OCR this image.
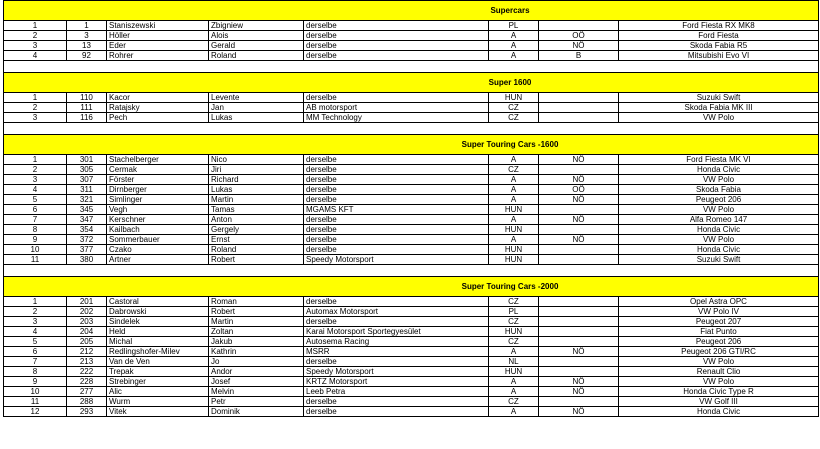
Supercars							
1	1	Staniszewski	Zbigniew	derselbe	PL		Ford Fiesta RX MK8
2	3	Höller	Alois	derselbe	A	OÖ	Ford Fiesta
3	13	Eder	Gerald	derselbe	A	NÖ	Skoda Fabia R5
4	92	Rohrer	Roland	derselbe	A	B	Mitsubishi Evo VI

Super 1600							
1	110	Kacor	Levente	derselbe	HUN		Suzuki Swift
2	111	Ratajsky	Jan	AB motorsport	CZ		Skoda Fabia MK III
3	116	Pech	Lukas	MM Technology	CZ		VW Polo

Super Touring Cars -1600							
1	301	Stachelberger	Nico	derselbe	A	NÖ	Ford Fiesta MK VI
2	305	Cermak	Jiri	derselbe	CZ		Honda Civic
3	307	Förster	Richard	derselbe	A	NÖ	VW Polo
4	311	Dirnberger	Lukas	derselbe	A	OÖ	Skoda Fabia
5	321	Simlinger	Martin	derselbe	A	NÖ	Peugeot 206
6	345	Vegh	Tamas	MGAMS KFT	HUN		VW Polo
7	347	Kerschner	Anton	derselbe	A	NÖ	Alfa Romeo 147
8	354	Kailbach	Gergely	derselbe	HUN		Honda Civic
9	372	Sommerbauer	Ernst	derselbe	A	NÖ	VW Polo
10	377	Czako	Roland	derselbe	HUN		Honda Civic
11	380	Artner	Robert	Speedy Motorsport	HUN		Suzuki Swift

Super Touring Cars -2000							
1	201	Castoral	Roman	derselbe	CZ		Opel Astra OPC
2	202	Dabrowski	Robert	Automax Motorsport	PL		VW Polo IV
3	203	Sindelek	Martin	derselbe	CZ		Peugeot 207
4	204	Held	Zoltan	Karai Motorsport Sportegyesület	HUN		Fiat Punto
5	205	Michal	Jakub	Autosema Racing	CZ		Peugeot 206
6	212	Redlingshofer-Milev	Kathrin	MSRR	A	NÖ	Peugeot 206 GTI/RC
7	213	Van de Ven	Jo	derselbe	NL		VW Polo
8	222	Trepak	Andor	Speedy Motorsport	HUN		Renault Clio
9	228	Strebinger	Josef	KRTZ Motorsport	A	NÖ	VW Polo
10	277	Alic	Melvin	Leeb Petra	A	NÖ	Honda Civic Type R
11	288	Wurm	Petr	derselbe	CZ		VW Golf III
12	293	Vitek	Dominik	derselbe	A	NÖ	Honda Civic
